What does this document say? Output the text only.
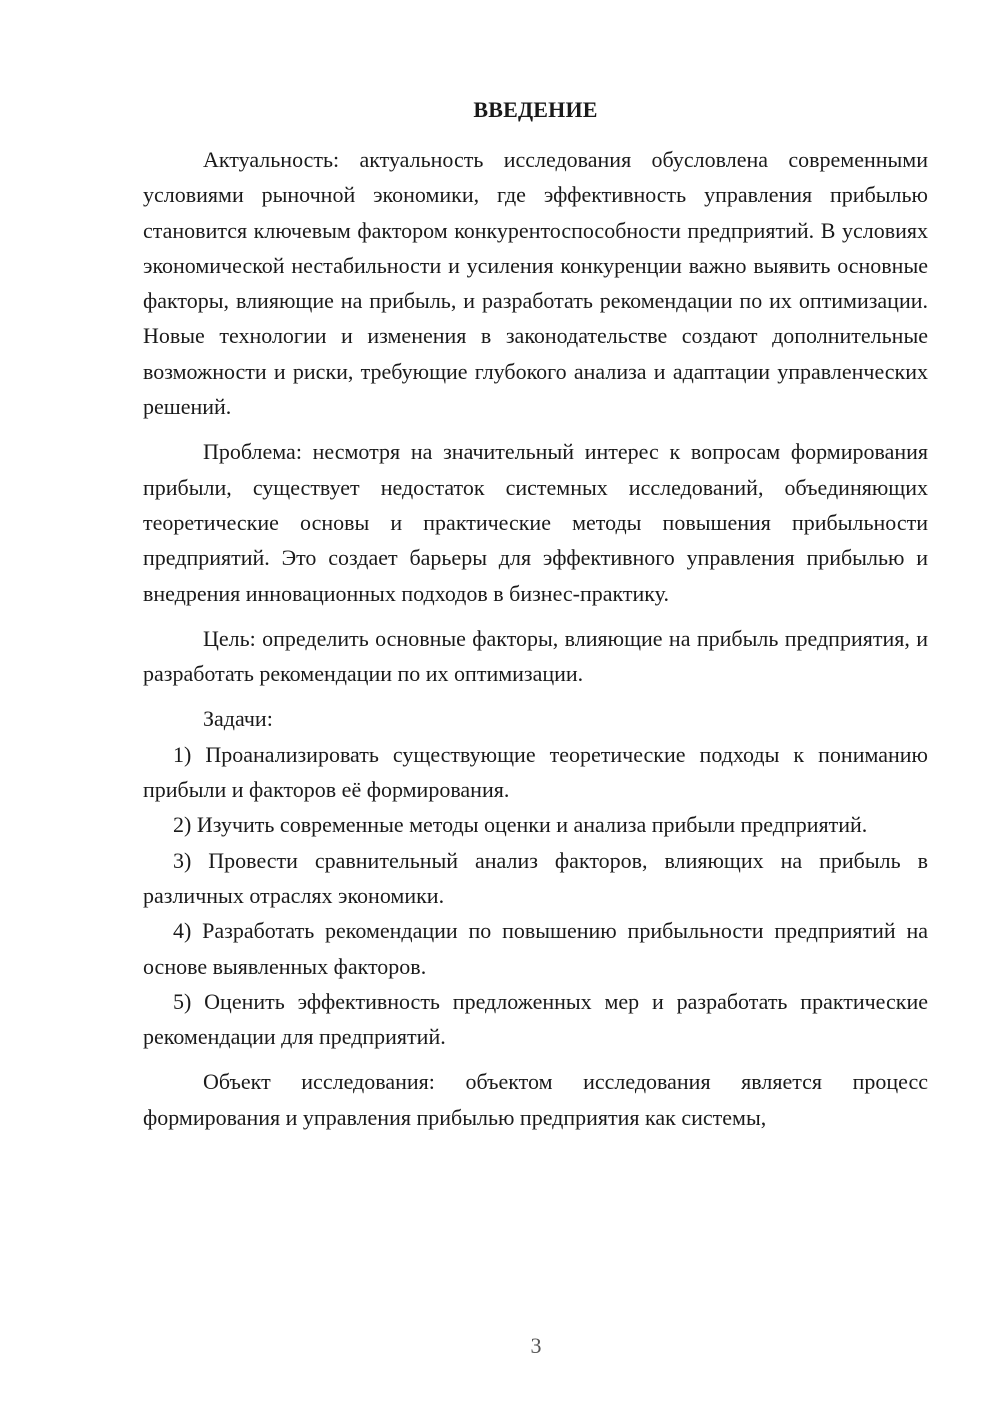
ВВЕДЕНИЕ

Актуальность: актуальность исследования обусловлена современными условиями рыночной экономики, где эффективность управления прибылью становится ключевым фактором конкурентоспособности предприятий. В условиях экономической нестабильности и усиления конкуренции важно выявить основные факторы, влияющие на прибыль, и разработать рекомендации по их оптимизации. Новые технологии и изменения в законодательстве создают дополнительные возможности и риски, требующие глубокого анализа и адаптации управленческих решений.

Проблема: несмотря на значительный интерес к вопросам формирования прибыли, существует недостаток системных исследований, объединяющих теоретические основы и практические методы повышения прибыльности предприятий. Это создает барьеры для эффективного управления прибылью и внедрения инновационных подходов в бизнес-практику.

Цель: определить основные факторы, влияющие на прибыль предприятия, и разработать рекомендации по их оптимизации.

Задачи:

1) Проанализировать существующие теоретические подходы к пониманию прибыли и факторов её формирования.

2) Изучить современные методы оценки и анализа прибыли предприятий.

3) Провести сравнительный анализ факторов, влияющих на прибыль в различных отраслях экономики.

4) Разработать рекомендации по повышению прибыльности предприятий на основе выявленных факторов.

5) Оценить эффективность предложенных мер и разработать практические рекомендации для предприятий.

Объект исследования: объектом исследования является процесс формирования и управления прибылью предприятия как системы,

3
